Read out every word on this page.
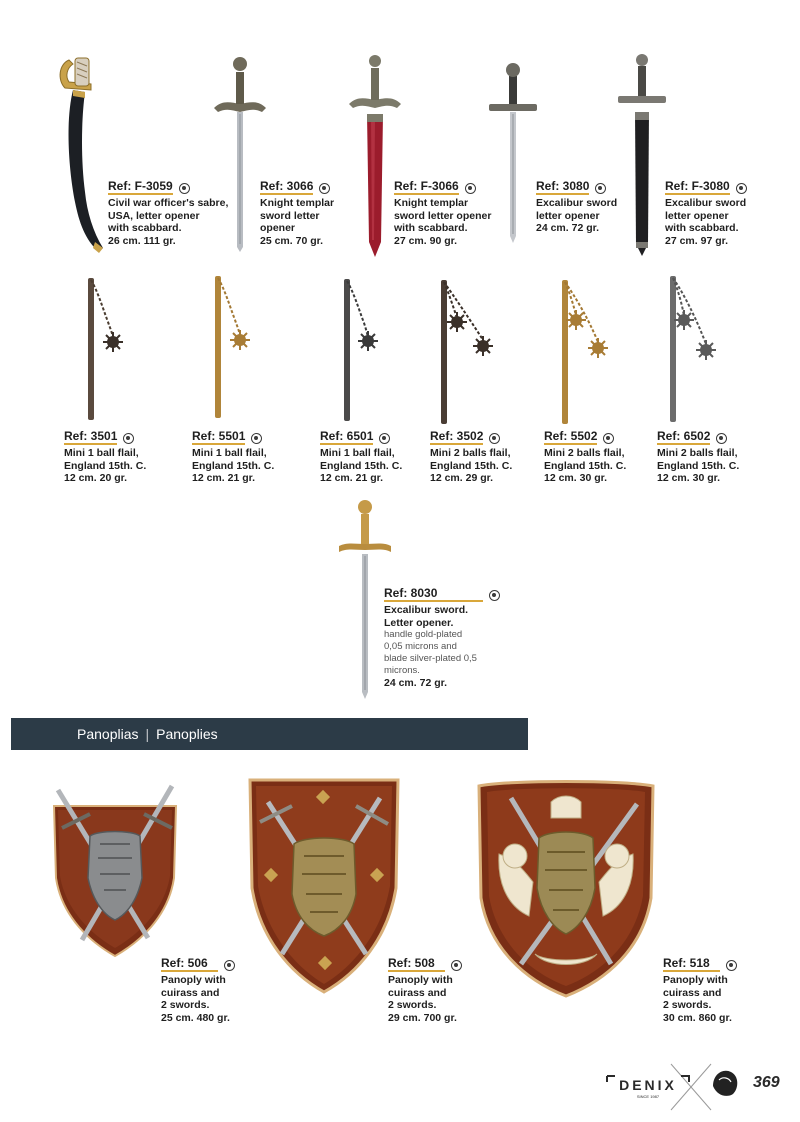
Ref: F-3059
Civil war officer's sabre,
USA, letter opener
with scabbard.
26 cm. 111 gr.
Ref: 3066
Knight templar
sword letter
opener
25 cm. 70 gr.
Ref: F-3066
Knight templar
sword letter opener
with scabbard.
27 cm. 90 gr.
Ref: 3080
Excalibur sword
letter opener
24 cm. 72 gr.
Ref: F-3080
Excalibur sword
letter opener
with scabbard.
27 cm. 97 gr.
Ref: 3501
Mini 1 ball flail,
England 15th. C.
12 cm. 20 gr.
Ref: 5501
Mini 1 ball flail,
England 15th. C.
12 cm. 21 gr.
Ref: 6501
Mini 1 ball flail,
England 15th. C.
12 cm. 21 gr.
Ref: 3502
Mini 2 balls flail,
England 15th. C.
12 cm. 29 gr.
Ref: 5502
Mini 2 balls flail,
England 15th. C.
12 cm. 30 gr.
Ref: 6502
Mini 2 balls flail,
England 15th. C.
12 cm. 30 gr.
Ref: 8030
Excalibur sword.
Letter opener.
handle gold-plated
0,05 microns and
blade silver-plated 0,5
microns.
24 cm. 72 gr.
Panoplias | Panoplies
Ref: 506
Panoply with
cuirass and
2 swords.
25 cm. 480 gr.
Ref: 508
Panoply with
cuirass and
2 swords.
29 cm. 700 gr.
Ref: 518
Panoply with
cuirass and
2 swords.
30 cm. 860 gr.
DENIX
SINCE 1987
369
